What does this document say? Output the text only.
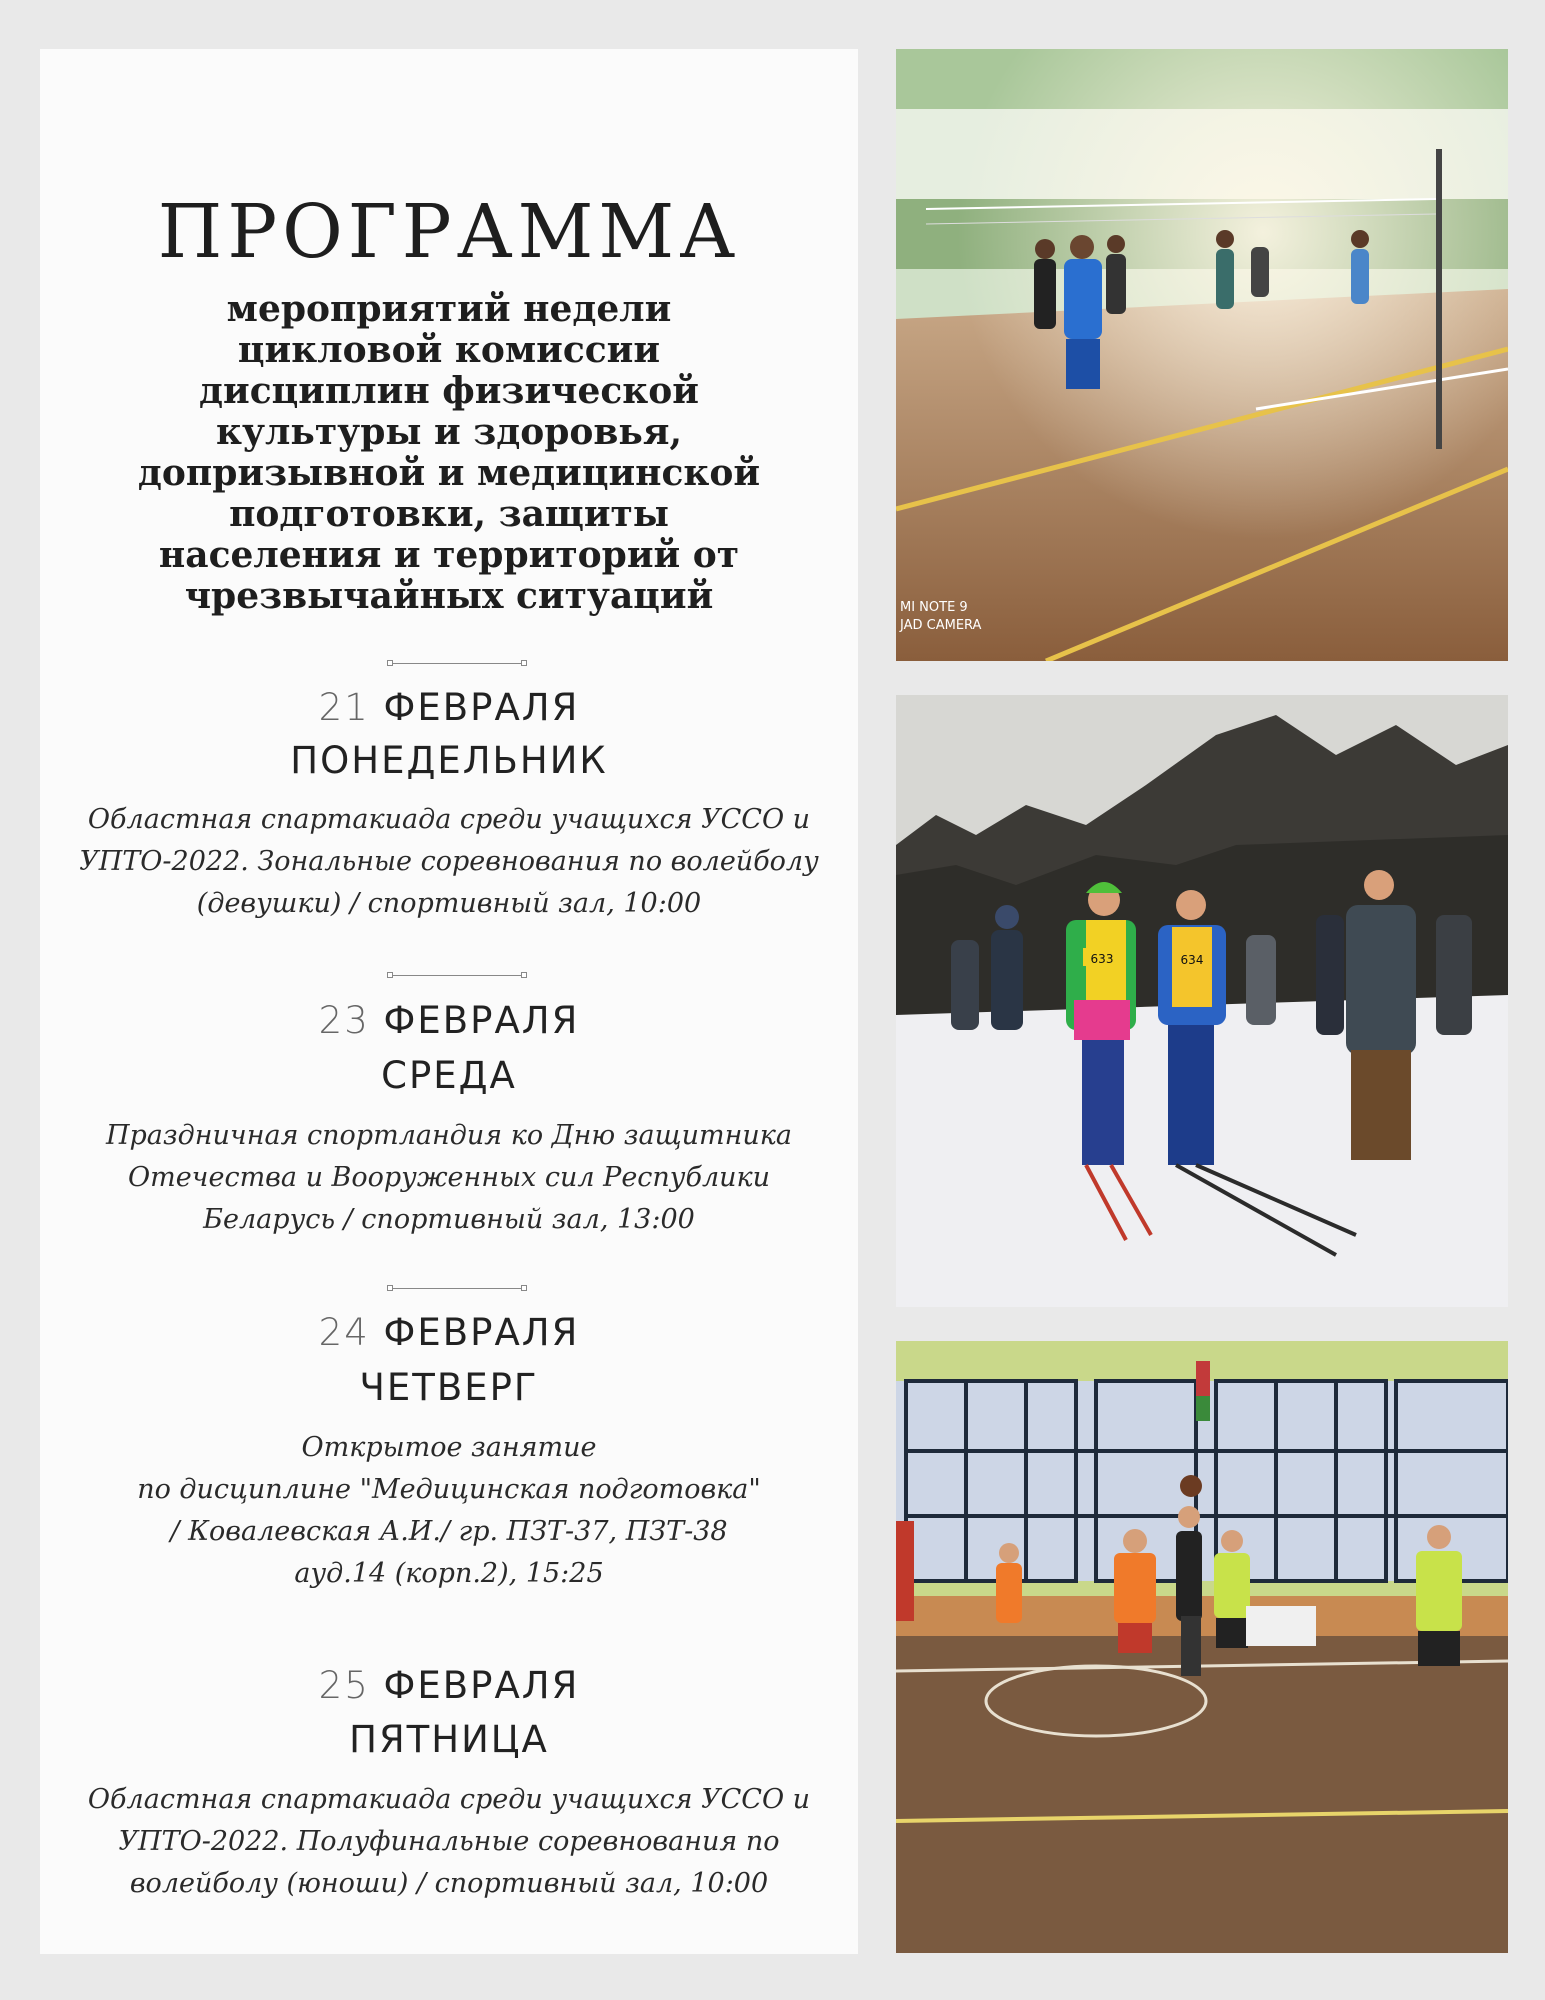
ПРОГРАММА
мероприятий недели
цикловой комиссии
дисциплин физической
культуры и здоровья,
допризывной и медицинской
подготовки, защиты
населения и территорий от
чрезвычайных ситуаций
21 ФЕВРАЛЯ
ПОНЕДЕЛЬНИК
Областная спартакиада среди учащихся УССО и
УПТО-2022. Зональные соревнования по волейболу
(девушки) / спортивный зал, 10:00
23 ФЕВРАЛЯ
СРЕДА
Праздничная спортландия ко Дню защитника
Отечества и Вооруженных сил Республики
Беларусь / спортивный зал, 13:00
24 ФЕВРАЛЯ
ЧЕТВЕРГ
Открытое занятие
по дисциплине "Медицинская подготовка"
/ Ковалевская А.И./ гр. ПЗТ-37, ПЗТ-38
ауд.14 (корп.2), 15:25
25 ФЕВРАЛЯ
ПЯТНИЦА
Областная спартакиада среди учащихся УССО и
УПТО-2022. Полуфинальные соревнования по
волейболу (юноши) / спортивный зал, 10:00
MI NOTE 9
JAD CAMERA
633	634
